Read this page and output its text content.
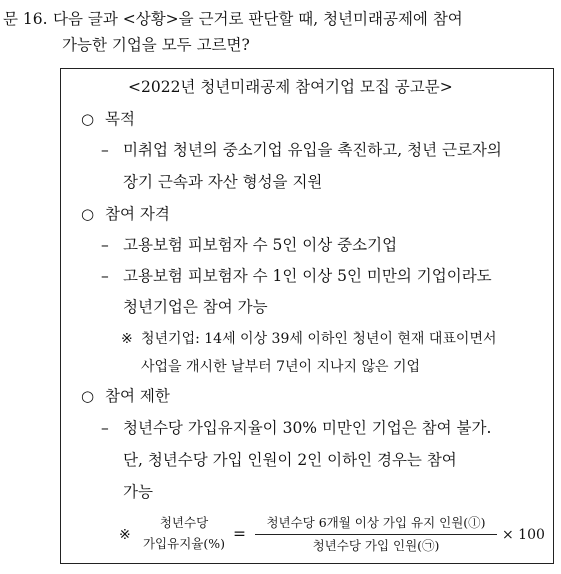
문 16. 다음 글과 <상황>을 근거로 판단할 때, 청년미래공제에 참여
가능한 기업을 모두 고르면?
<2022년 청년미래공제 참여기업 모집 공고문>
○ 목적
– 미취업 청년의 중소기업 유입을 촉진하고, 청년 근로자의
장기 근속과 자산 형성을 지원
○ 참여 자격
– 고용보험 피보험자 수 5인 이상 중소기업
– 고용보험 피보험자 수 1인 이상 5인 미만의 기업이라도
청년기업은 참여 가능
※ 청년기업: 14세 이상 39세 이하인 청년이 현재 대표이면서
사업을 개시한 날부터 7년이 지나지 않은 기업
○ 참여 제한
– 청년수당 가입유지율이 30% 미만인 기업은 참여 불가.
단, 청년수당 가입 인원이 2인 이하인 경우는 참여
가능
※
청년수당
가입유지율(%)
=
청년수당 6개월 이상 가입 유지 인원(ⓛ)
청년수당 가입 인원(㉠)
× 100
